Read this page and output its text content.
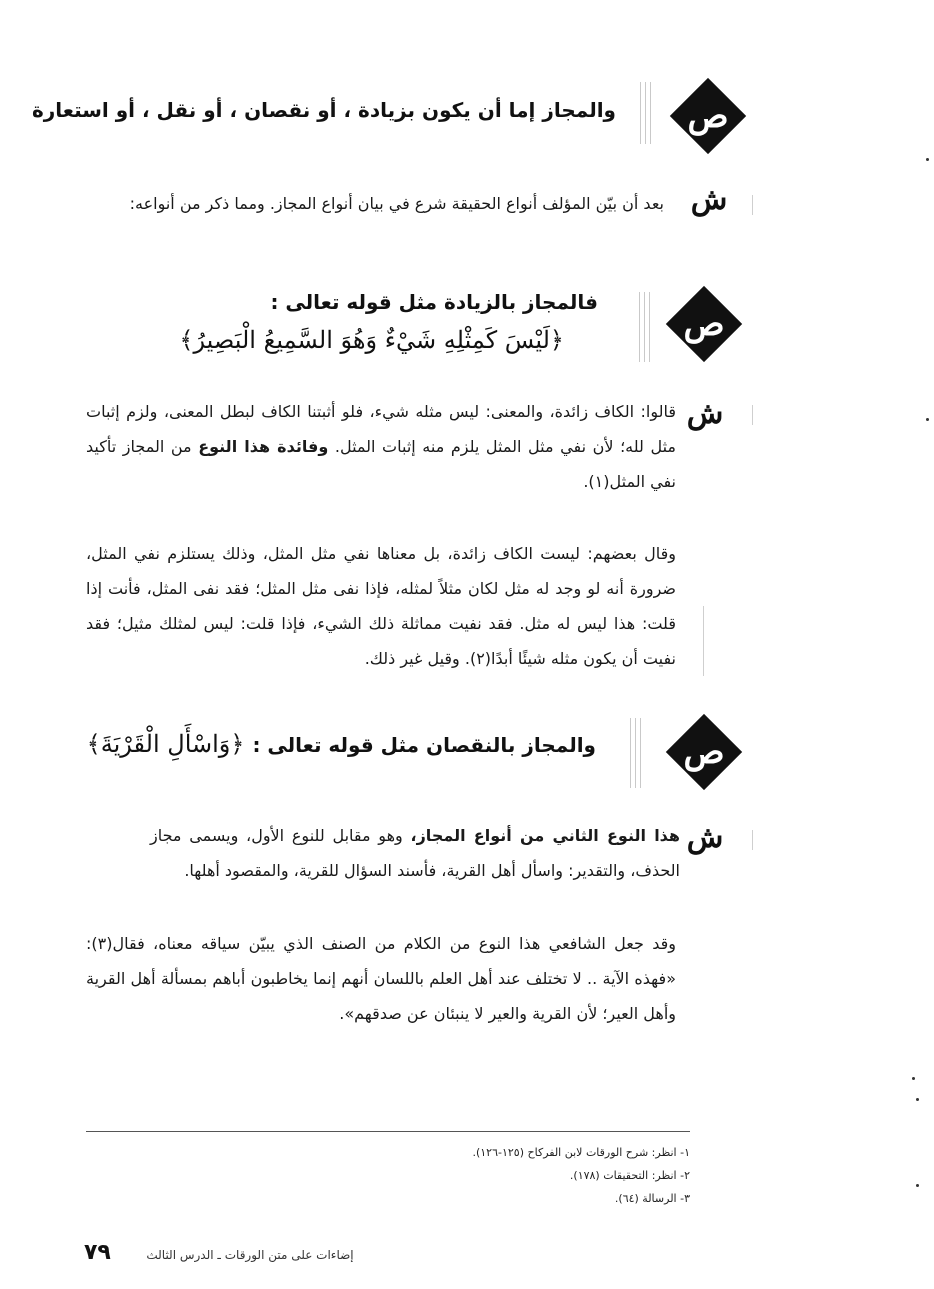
ص
والمجاز إما أن يكون بزيادة ، أو نقصان ، أو نقل ، أو استعارة
ش
بعد أن بيّن المؤلف أنواع الحقيقة شرع في بيان أنواع المجاز. ومما ذكر من أنواعه:
ص
فالمجاز بالزيادة مثل قوله تعالى :
﴿لَيْسَ كَمِثْلِهِ شَيْءٌ وَهُوَ السَّمِيعُ الْبَصِيرُ﴾
ش
قالوا: الكاف زائدة، والمعنى: ليس مثله شيء، فلو أثبتنا الكاف لبطل المعنى، ولزم إثبات مثل لله؛ لأن نفي مثل المثل يلزم منه إثبات المثل. وفائدة هذا النوع من المجاز تأكيد نفي المثل(١).
وقال بعضهم: ليست الكاف زائدة، بل معناها نفي مثل المثل، وذلك يستلزم نفي المثل، ضرورة أنه لو وجد له مثل لكان مثلاً لمثله، فإذا نفى مثل المثل؛ فقد نفى المثل، فأنت إذا قلت: هذا ليس له مثل. فقد نفيت مماثلة ذلك الشيء، فإذا قلت: ليس لمثلك مثيل؛ فقد نفيت أن يكون مثله شيئًا أبدًا(٢). وقيل غير ذلك.
ص
والمجاز بالنقصان مثل قوله تعالى :
﴿وَاسْأَلِ الْقَرْيَةَ﴾
ش
هذا النوع الثاني من أنواع المجاز، وهو مقابل للنوع الأول، ويسمى مجاز الحذف، والتقدير: واسأل أهل القرية، فأسند السؤال للقرية، والمقصود أهلها.
وقد جعل الشافعي هذا النوع من الكلام من الصنف الذي يبيّن سياقه معناه، فقال(٣): «فهذه الآية .. لا تختلف عند أهل العلم باللسان أنهم إنما يخاطبون أباهم بمسألة أهل القرية وأهل العير؛ لأن القرية والعير لا ينبئان عن صدقهم».
١- انظر: شرح الورقات لابن الفركاح (١٢٥-١٢٦).
٢- انظر: التحقيقات (١٧٨).
٣- الرسالة (٦٤).
إضاءات على متن الورقات ـ الدرس الثالث
٧٩
